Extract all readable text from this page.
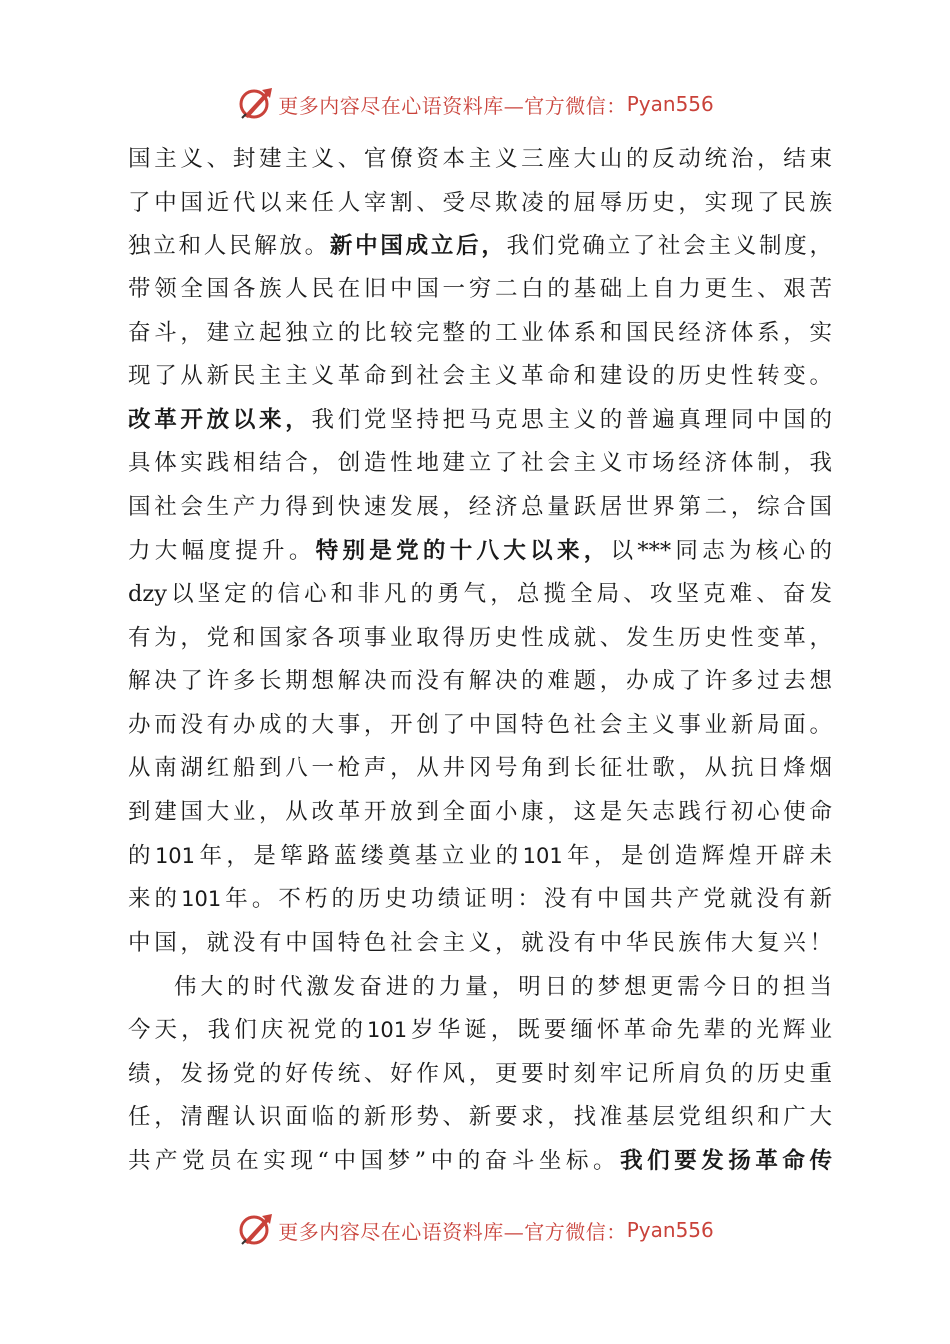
更多内容尽在心语资料库—官方微信： Pyan556
国主义、封建主义、官僚资本主义三座大山的反动统治，结束
了中国近代以来任人宰割、受尽欺凌的屈辱历史，实现了民族
独立和人民解放。新中国成立后，我们党确立了社会主义制度，
带领全国各族人民在旧中国一穷二白的基础上自力更生、艰苦
奋斗，建立起独立的比较完整的工业体系和国民经济体系，实
现了从新民主主义革命到社会主义革命和建设的历史性转变。
改革开放以来，我们党坚持把马克思主义的普遍真理同中国的
具体实践相结合，创造性地建立了社会主义市场经济体制，我
国社会生产力得到快速发展，经济总量跃居世界第二，综合国
力大幅度提升。特别是党的十八大以来，以***同志为核心的
dzy以坚定的信心和非凡的勇气，总揽全局、攻坚克难、奋发
有为，党和国家各项事业取得历史性成就、发生历史性变革，
解决了许多长期想解决而没有解决的难题，办成了许多过去想
办而没有办成的大事，开创了中国特色社会主义事业新局面。
从南湖红船到八一枪声，从井冈号角到长征壮歌，从抗日烽烟
到建国大业，从改革开放到全面小康，这是矢志践行初心使命
的101年，是筚路蓝缕奠基立业的101年，是创造辉煌开辟未
来的101年。不朽的历史功绩证明：没有中国共产党就没有新
中国，就没有中国特色社会主义，就没有中华民族伟大复兴！
伟大的时代激发奋进的力量，明日的梦想更需今日的担当
今天，我们庆祝党的101岁华诞，既要缅怀革命先辈的光辉业
绩，发扬党的好传统、好作风，更要时刻牢记所肩负的历史重
任，清醒认识面临的新形势、新要求，找准基层党组织和广大
共产党员在实现“中国梦”中的奋斗坐标。我们要发扬革命传
更多内容尽在心语资料库—官方微信： Pyan556
